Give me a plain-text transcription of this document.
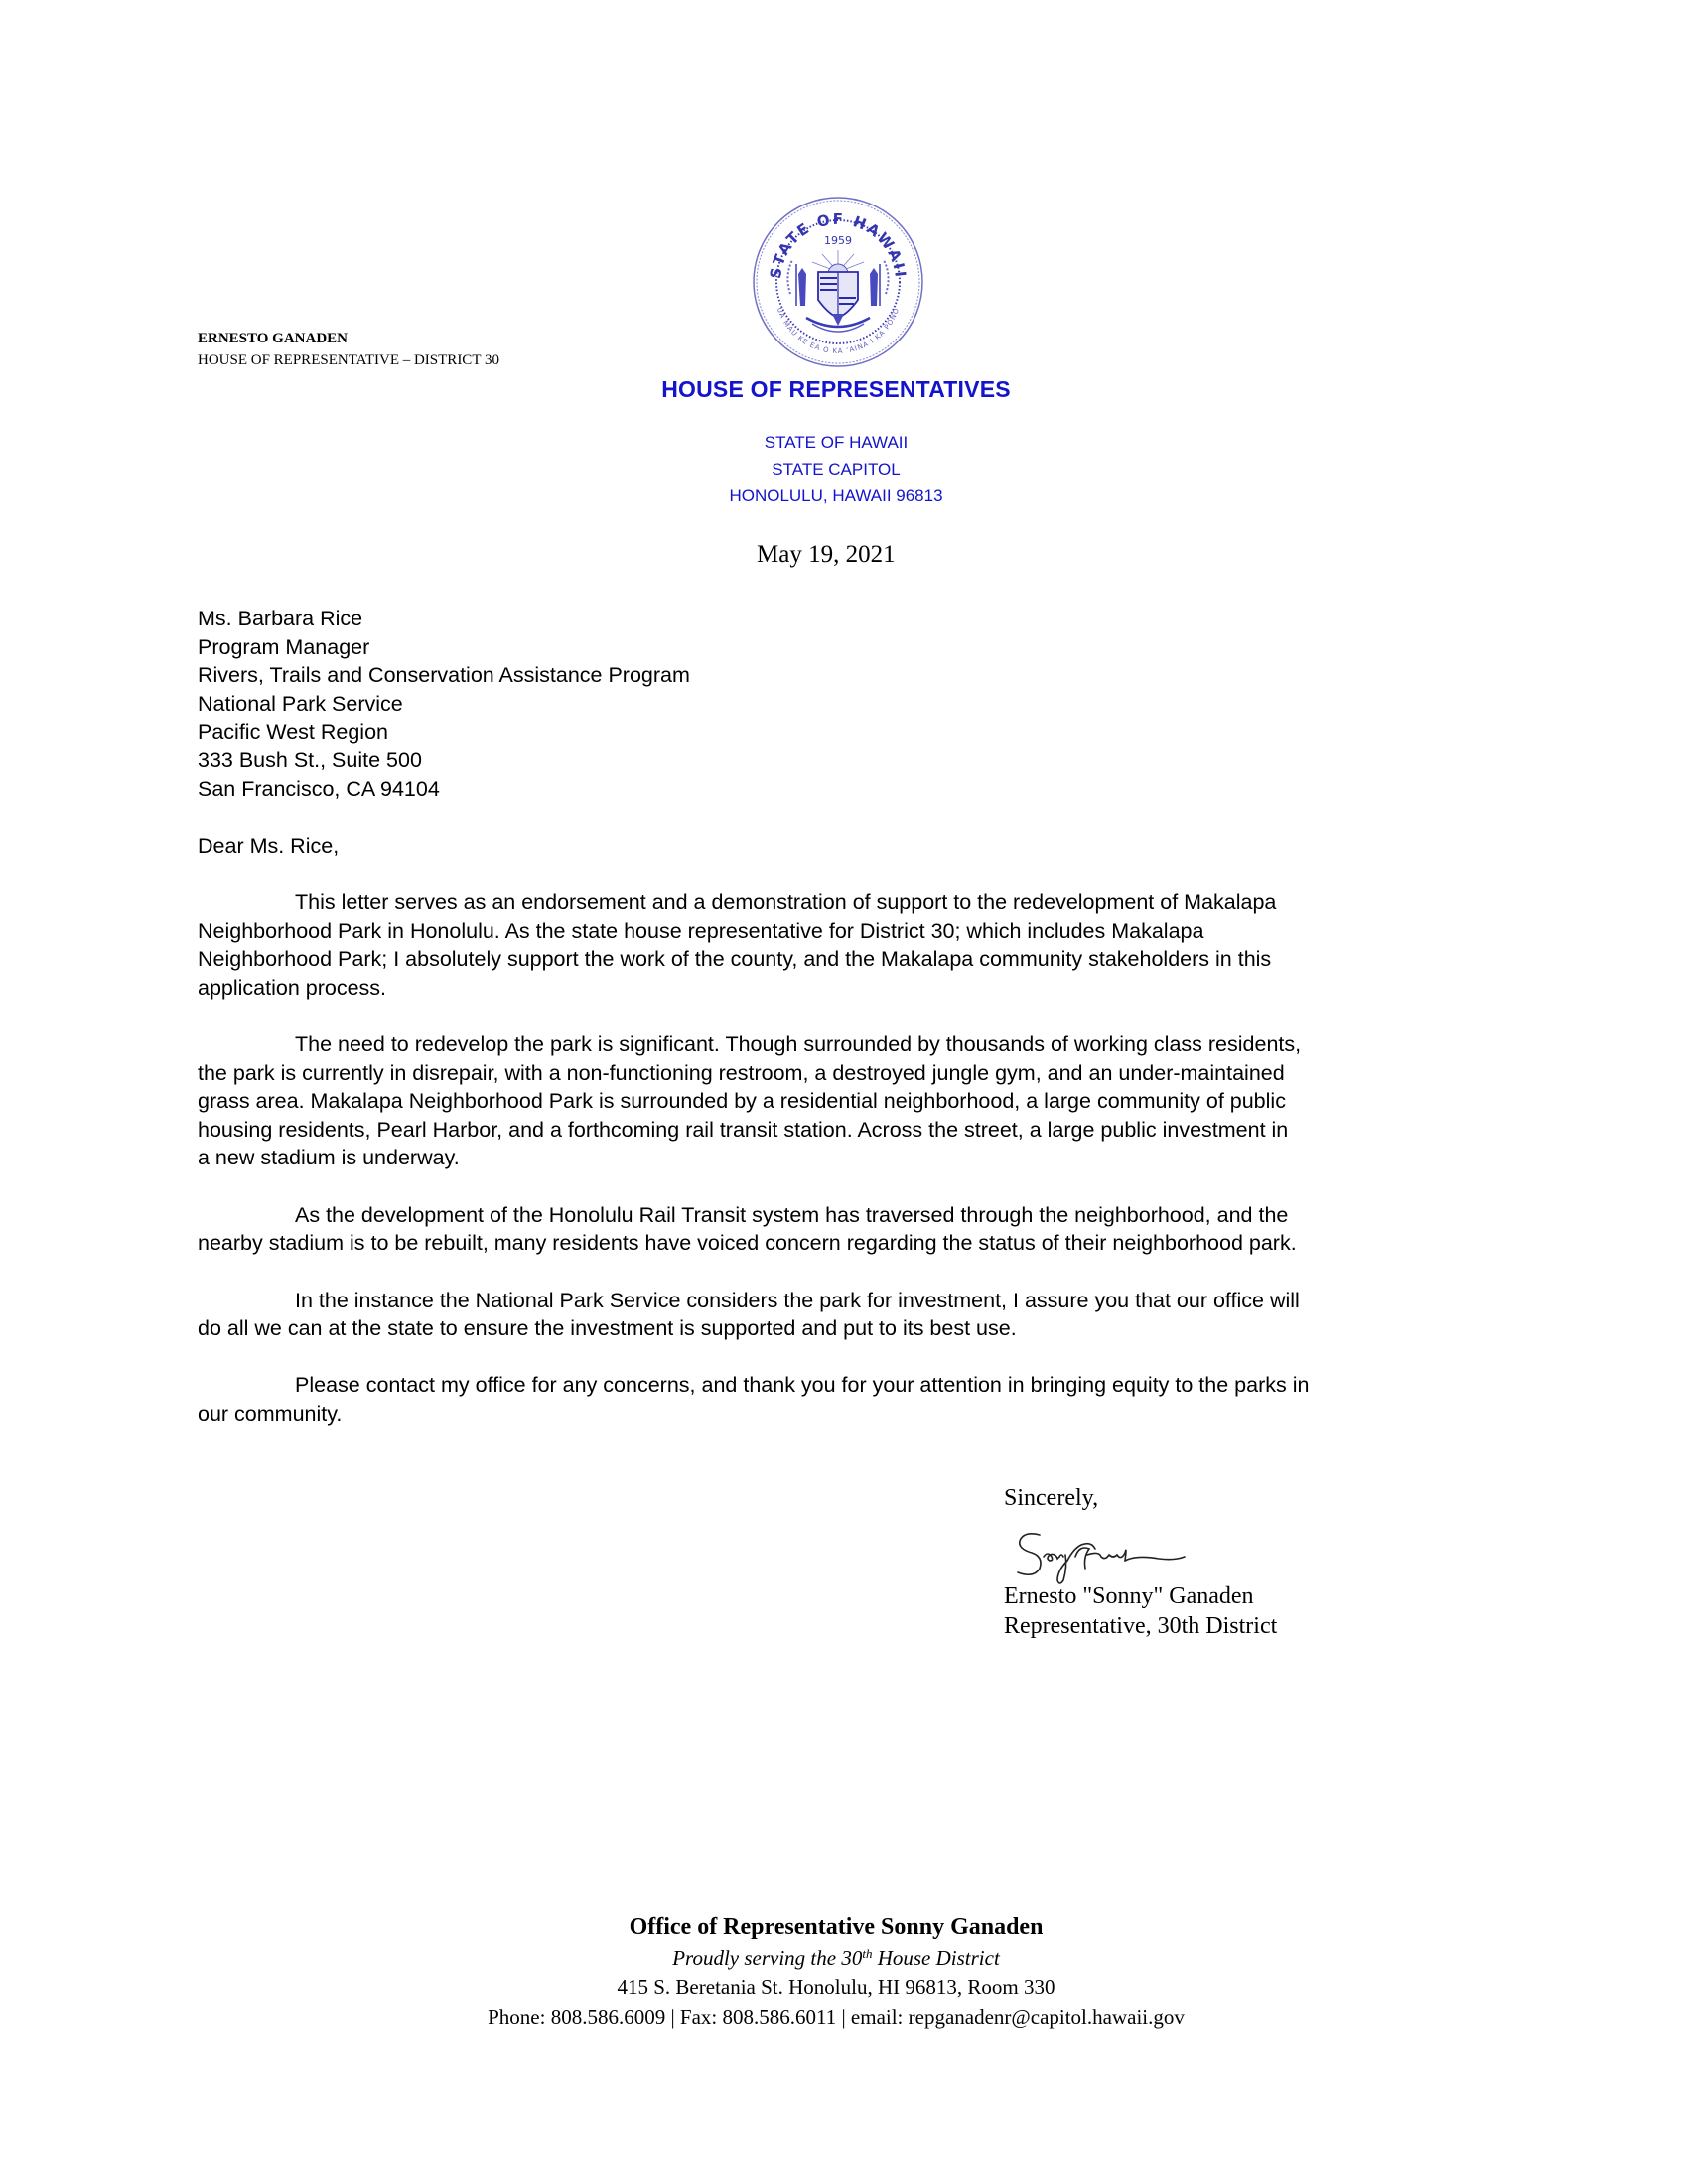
ERNESTO GANADEN
HOUSE OF REPRESENTATIVE – DISTRICT 30
STATE OF HAWAII
UA MAU KE EA O KA ʻAINA I KA PONO
1959
HOUSE OF REPRESENTATIVES
STATE OF HAWAII
STATE CAPITOL
HONOLULU, HAWAII 96813
May 19, 2021
Ms. Barbara Rice
Program Manager
Rivers, Trails and Conservation Assistance Program
National Park Service
Pacific West Region
333 Bush St., Suite 500
San Francisco, CA 94104
Dear Ms. Rice,
This letter serves as an endorsement and a demonstration of support to the redevelopment of Makalapa
Neighborhood Park in Honolulu. As the state house representative for District 30; which includes Makalapa
Neighborhood Park; I absolutely support the work of the county, and the Makalapa community stakeholders in this
application process.
The need to redevelop the park is significant. Though surrounded by thousands of working class residents,
the park is currently in disrepair, with a non-functioning restroom, a destroyed jungle gym, and an under-maintained
grass area. Makalapa Neighborhood Park is surrounded by a residential neighborhood, a large community of public
housing residents, Pearl Harbor, and a forthcoming rail transit station. Across the street, a large public investment in
a new stadium is underway.
As the development of the Honolulu Rail Transit system has traversed through the neighborhood, and the
nearby stadium is to be rebuilt, many residents have voiced concern regarding the status of their neighborhood park.
In the instance the National Park Service considers the park for investment, I assure you that our office will
do all we can at the state to ensure the investment is supported and put to its best use.
Please contact my office for any concerns, and thank you for your attention in bringing equity to the parks in
our community.
Sincerely,
Ernesto "Sonny" Ganaden
Representative, 30th District
Office of Representative Sonny Ganaden
Proudly serving the 30th House District
415 S. Beretania St. Honolulu, HI 96813, Room 330
Phone: 808.586.6009 | Fax: 808.586.6011 | email: repganadenr@capitol.hawaii.gov
